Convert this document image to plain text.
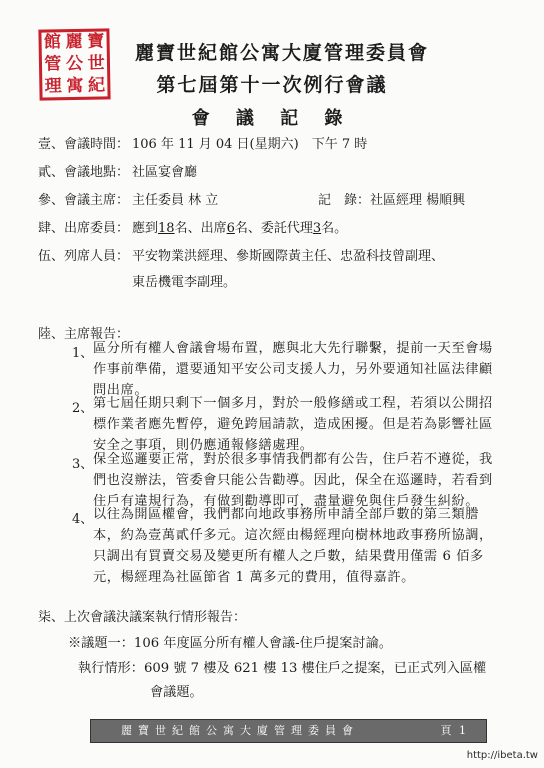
館 麗 寶
管 公 世
理 寓 紀
麗寶世紀館公寓大廈管理委員會
第七屆第十一次例行會議
會 議 記 錄
壹、會議時間： 106 年 11 月 04 日(星期六)　下午 7 時
貳、會議地點： 社區宴會廳
參、會議主席： 主任委員 林 立	記　錄：社區經理 楊順興
肆、出席委員： 應到18名、出席6名、委託代理3名。
伍、列席人員： 平安物業洪經理、參斯國際黃主任、忠盈科技曾副理、
東岳機電李副理。
陸、主席報告：
1、 區分所有權人會議會場布置，應與北大先行聯繫，提前一天至會場
作事前準備，還要通知平安公司支援人力，另外要通知社區法律顧
問出席。
2、 第七屆任期只剩下一個多月，對於一般修繕或工程，若須以公開招
標作業者應先暫停，避免跨屆請款，造成困擾。但是若為影響社區
安全之事項，則仍應通報修繕處理。
3、 保全巡邏要正常，對於很多事情我們都有公告，住戶若不遵從，我
們也沒辦法，管委會只能公告勸導。因此，保全在巡邏時，若看到
住戶有違規行為，有做到勸導即可，盡量避免與住戶發生糾紛。
4、 以往為開區權會，我們都向地政事務所申請全部戶數的第三類謄
本，約為壹萬貳仟多元。這次經由楊經理向樹林地政事務所協調，
只調出有買賣交易及變更所有權人之戶數，結果費用僅需 6 佰多
元，楊經理為社區節省 1 萬多元的費用，值得嘉許。
柒、上次會議決議案執行情形報告：
※議題一：106 年度區分所有權人會議-住戶提案討論。
執行情形：609 號 7 樓及 621 樓 13 樓住戶之提案，已正式列入區權
會議題。
麗寶世紀館公寓大廈管理委員會	頁 1
http://ibeta.tw
